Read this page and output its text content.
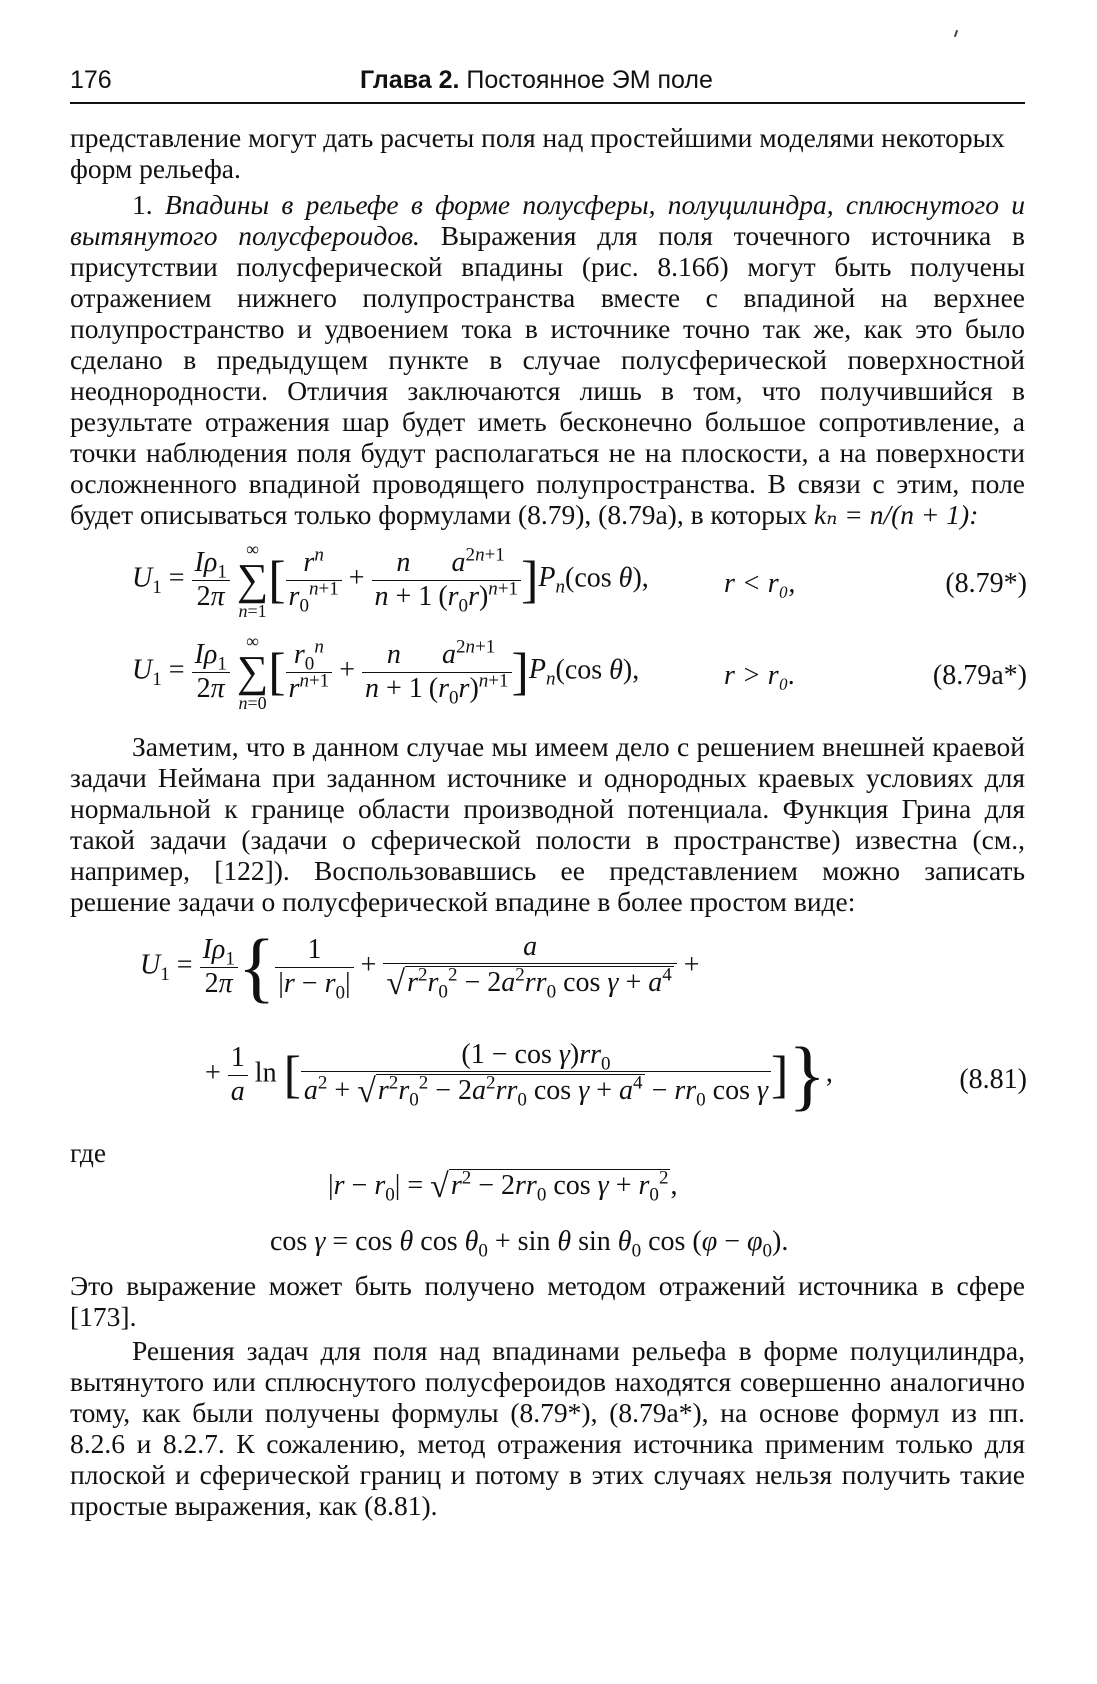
176	Глава 2. Постоянное ЭМ поле

представление могут дать расчеты поля над простейшими моделями некоторых форм рельефа.

1. Впадины в рельефе в форме полусферы, полуцилиндра, сплюснутого и вытянутого полусфероидов. Выражения для поля точечного источника в присутствии полусферической впадины (рис. 8.16б) могут быть получены отражением нижнего полупространства вместе с впадиной на верхнее полупространство и удвоением тока в источнике точно так же, как это было сделано в предыдущем пункте в случае полусферической поверхностной неоднородности. Отличия заключаются лишь в том, что получившийся в результате отражения шар будет иметь бесконечно большое сопротивление, а точки наблюдения поля будут располагаться не на плоскости, а на поверхности осложненного впадиной проводящего полупространства. В связи с этим, поле будет описываться только формулами (8.79), (8.79а), в которых kₙ = n/(n + 1):

$U_1 = \frac{I\rho_1}{2\pi}$
∞
∑
n=1
[ $\frac{r^n}{r_0^{n+1}} + \frac{n}{n + 1} \frac{a^{2n+1}}{(r_0r)^{n+1}} ]P_n(\cos$ θ),	r < r₀,	(8.79*)
$U_1 = \frac{I\rho_1}{2\pi}$
∞
∑
n=0
[ $\frac{r_0^n}{r^{n+1}} + \frac{n}{n + 1} \frac{a^{2n+1}}{(r_0r)^{n+1}} ]P_n(\cos$ θ),	r > r₀.	(8.79a*)

Заметим, что в данном случае мы имеем дело с решением внешней краевой задачи Неймана при заданном источнике и однородных краевых условиях для нормальной к границе области производной потенциала. Функция Грина для такой задачи (задачи о сферической полости в пространстве) известна (см., например, [122]). Воспользовавшись ее представлением можно записать решение задачи о полусферической впадине в более простом виде:

$U_1 = \frac{I\rho_1}{2\pi}$ { $\frac{1}{|r - r_0|} + \frac{a}{√r^2r_0^2 - 2a^2rr_0 \cos \gamma + a^4}$ +
+ $\frac{1}{a}$ ln [ $\frac{(1 - \cos \gamma)rr_0}{a^2 + √r^2r_0^2 - 2a^2rr_0 \cos \gamma + a^4 - rr_0 \cos \gamma}$ ]},	(8.81)
где
$|r - r_0| = √r^2 - 2rr_0$ $\cos \gamma + r_0^2$,
cos γ = cos θ $\cos \theta_0 + \sin \theta$ $\sin \theta_0$ $\cos (\varphi - \varphi_0)$.

Это выражение может быть получено методом отражений источника в сфере [173].

Решения задач для поля над впадинами рельефа в форме полуцилиндра, вытянутого или сплюснутого полусфероидов находятся совершенно аналогично тому, как были получены формулы (8.79*), (8.79а*), на основе формул из пп. 8.2.6 и 8.2.7. К сожалению, метод отражения источника применим только для плоской и сферической границ и потому в этих случаях нельзя получить такие простые выражения, как (8.81).
